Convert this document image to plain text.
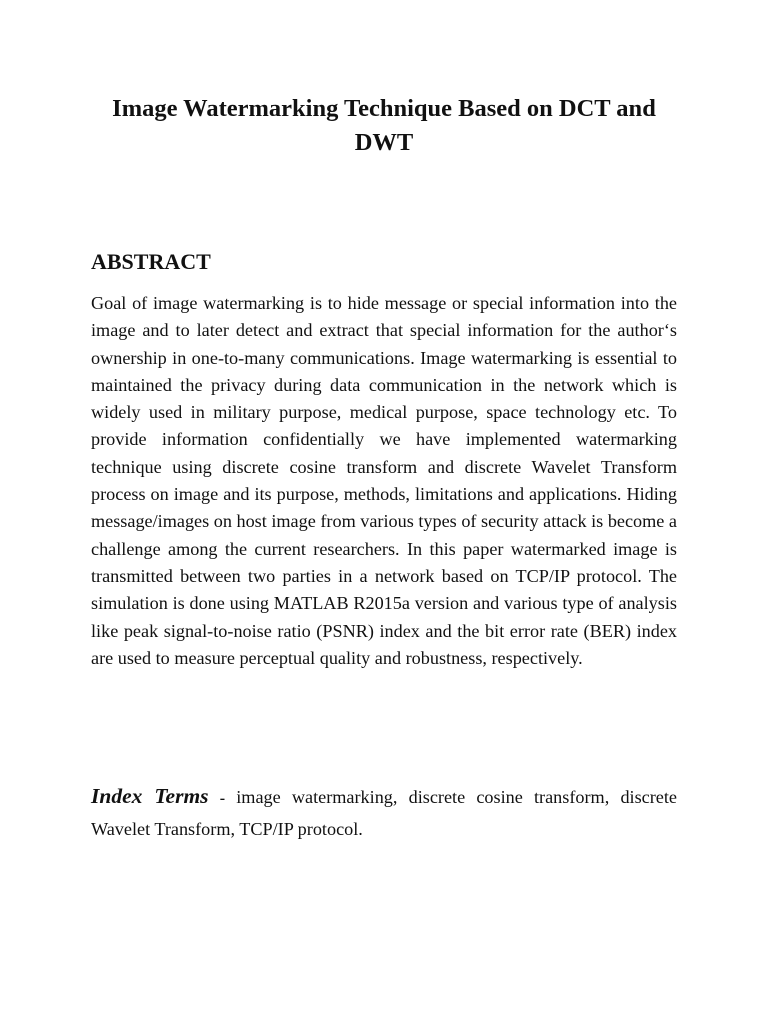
Image Watermarking Technique Based on DCT and DWT
ABSTRACT
Goal of image watermarking is to hide message or special information into the image and to later detect and extract that special information for the author‘s ownership in one-to-many communications. Image watermarking is essential to maintained the privacy during data communication in the network which is widely used in military purpose, medical purpose, space technology etc. To provide information confidentially we have implemented watermarking technique using discrete cosine transform and discrete Wavelet Transform process on image and its purpose, methods, limitations and applications. Hiding message/images on host image from various types of security attack is become a challenge among the current researchers. In this paper watermarked image is transmitted between two parties in a network based on TCP/IP protocol. The simulation is done using MATLAB R2015a version and various type of analysis like peak signal-to-noise ratio (PSNR) index and the bit error rate (BER) index are used to measure perceptual quality and robustness, respectively.
Index Terms - image watermarking, discrete cosine transform, discrete Wavelet Transform, TCP/IP protocol.
